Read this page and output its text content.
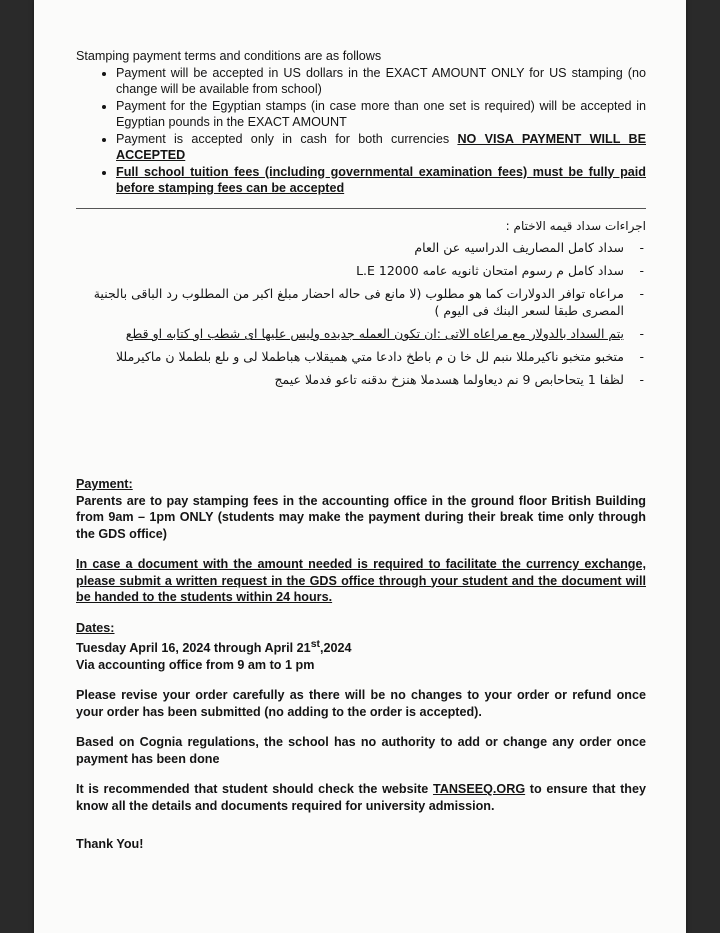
Stamping payment terms and conditions are as follows

• Payment will be accepted in US dollars in the EXACT AMOUNT ONLY for US stamping (no change will be available from school)
• Payment for the Egyptian stamps (in case more than one set is required) will be accepted in Egyptian pounds in the EXACT AMOUNT
• Payment is accepted only in cash for both currencies NO VISA PAYMENT WILL BE ACCEPTED
• Full school tuition fees (including governmental examination fees) must be fully paid before stamping fees can be accepted

اجراءات سداد قيمه الاختام :

- سداد كامل المصاريف الدراسيه عن العام
- سداد كامل م رسوم امتحان ثانويه عامه 12000 L.E
- مراعاه توافر الدولارات كما هو مطلوب (لا مانع فى حاله احضار مبلغ اكبر من المطلوب رد الباقى بالجنية المصرى طبقا لسعر البنك فى اليوم )
- يتم السداد بالدولار مع مراعاه الاتى :ان تكون العمله جديده وليس عليها اى شطب او كتابه او قطع
- متخبو متخبو ناكيرمللا ىنبم لل خا ن م باطخ دادعا متي هميقلاب هباطملا لى و ىلع بلطملا ن ماكيرمللا
- لظفا 1 يتحاحابص 9 نم ديعاولما هسدملا هنزخ ىدقنه تاعو فدملا عيمج

Payment:
Parents are to pay stamping fees in the accounting office in the ground floor British Building from 9am – 1pm ONLY (students may make the payment during their break time only through the GDS office)

In case a document with the amount needed is required to facilitate the currency exchange, please submit a written request in the GDS office through your student and the document will be handed to the students within 24 hours.

Dates:
Tuesday April 16, 2024 through April 21st,2024
Via accounting office from 9 am to 1 pm

Please revise your order carefully as there will be no changes to your order or refund once your order has been submitted (no adding to the order is accepted).

Based on Cognia regulations, the school has no authority to add or change any order once payment has been done

It is recommended that student should check the website TANSEEQ.ORG to ensure that they know all the details and documents required for university admission.

Thank You!
